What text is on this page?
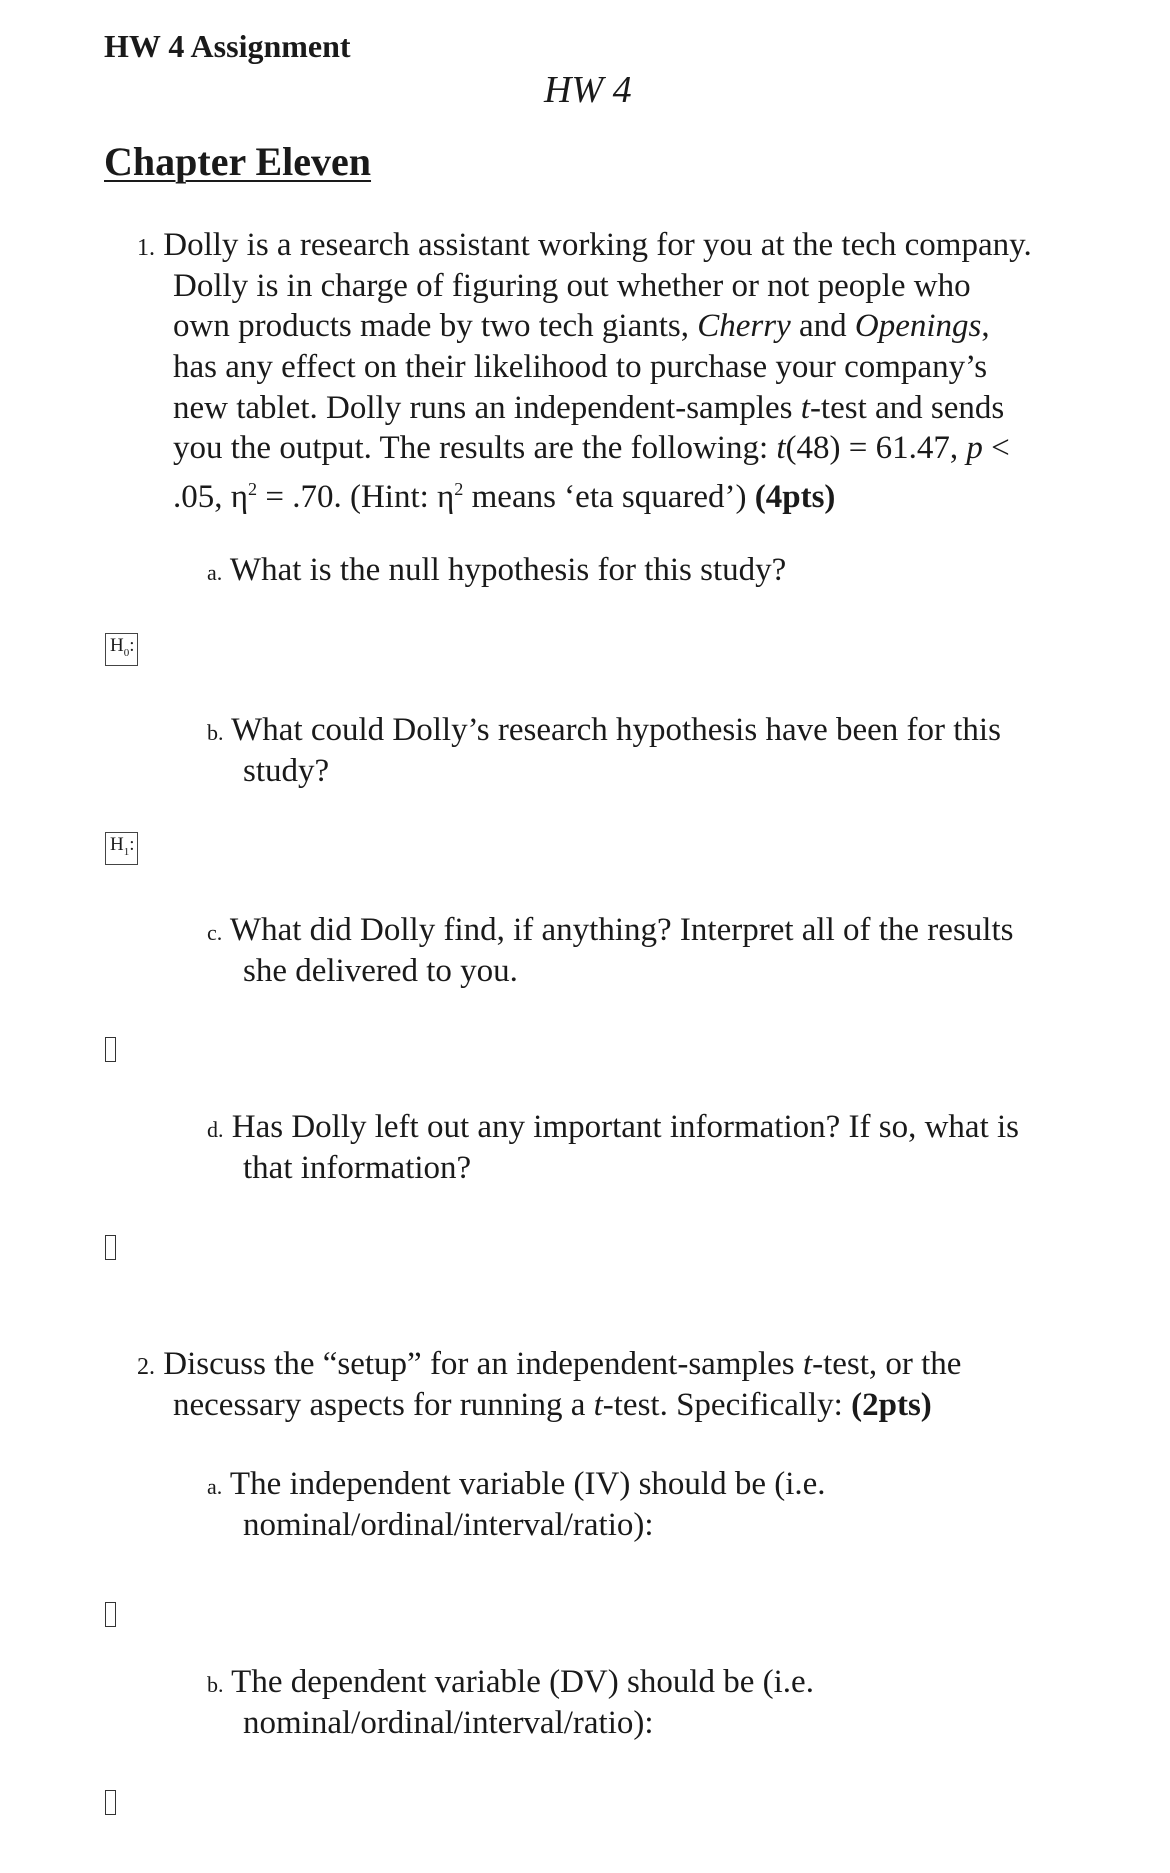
HW 4 Assignment
HW 4
Chapter Eleven
1. Dolly is a research assistant working for you at the tech company.
Dolly is in charge of figuring out whether or not people who
own products made by two tech giants, Cherry and Openings,
has any effect on their likelihood to purchase your company’s
new tablet. Dolly runs an independent-samples t-test and sends
you the output. The results are the following: t(48) = 61.47, p <
.05, $\eta^2 = .70$. (Hint: $\eta^2$ means ‘eta squared’) (4pts)
a. What is the null hypothesis for this study?
$H_0$:
b. What could Dolly’s research hypothesis have been for this
study?
$H_1$:
c. What did Dolly find, if anything? Interpret all of the results
she delivered to you.
d. Has Dolly left out any important information? If so, what is
that information?
2. Discuss the “setup” for an independent-samples t-test, or the
necessary aspects for running a t-test. Specifically: (2pts)
a. The independent variable (IV) should be (i.e.
nominal/ordinal/interval/ratio):
b. The dependent variable (DV) should be (i.e.
nominal/ordinal/interval/ratio):
